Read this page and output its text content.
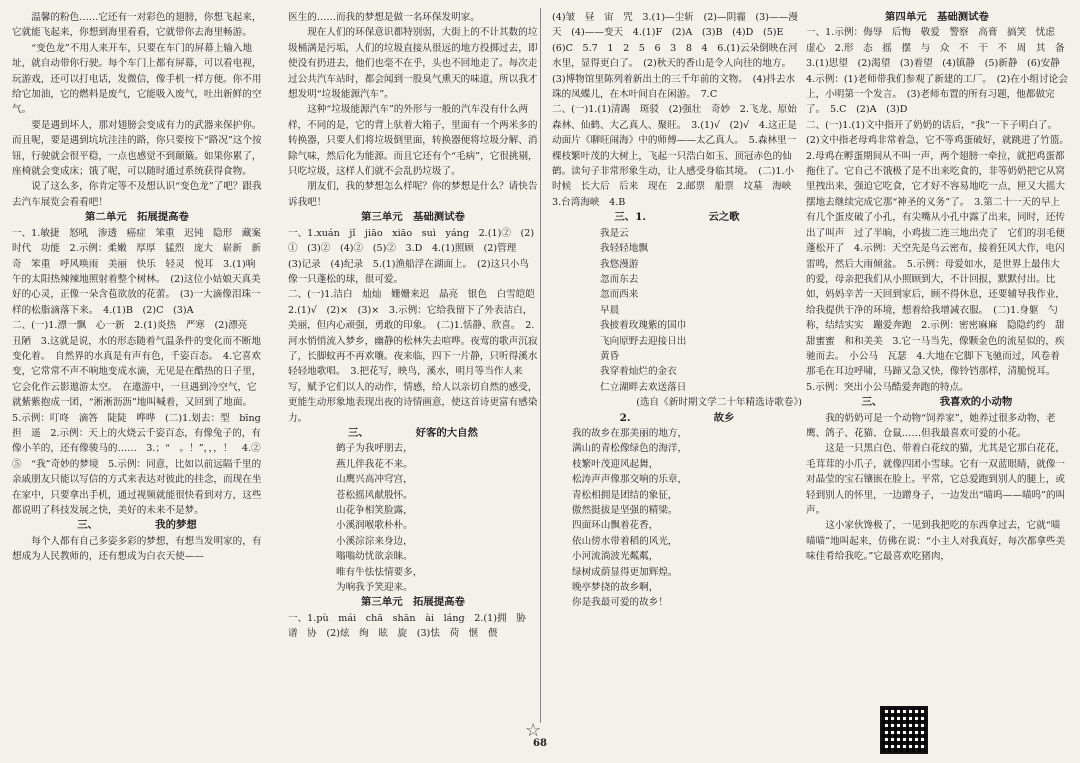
温馨的粉色……它还有一对彩色的翅膀，你想飞起来，它就能飞起来，你想到海里看看，它就带你去海里畅游。

“变色龙”不用人来开车，只要在车门的屏幕上输入地址，就自动带你行驶。每个车门上都有屏幕，可以看电视，玩游戏，还可以打电话，发微信，像手机一样方便。你不用给它加油，它的燃料是废气，它能吸入废气，吐出新鲜的空气。

要是遇到坏人，那对翅膀会变成有力的武器来保护你。而且呢，要是遇到坑坑洼洼的路，你只要按下“路况”这个按钮，行驶就会很平稳，一点也感觉不到颠簸。如果你累了，座椅就会变成床；饿了呢，可以随时通过系统获得食物。

说了这么多，你肯定等不及想认识“变色龙”了吧？跟我去汽车展览会看看吧！

第二单元　拓展提高卷

一、1.敏捷　怒吼　渗透　癌症　笨重　迟钝　隐形　藏案　时代　功能　2.示例：柔嫩　厚厚　猛烈　庞大　崭新　新奇　笨重　呼风唤雨　美丽　快乐　轻灵　悦耳　3.(1)响午的太阳热辣辣地照射着整个树林。　(2)这位小姑娘天真美好的心灵，正像一朵含苞欲放的花蕾。　(3)一大滴像泪珠一样的松脂滴落下来。　4.(1)B　(2)C　(3)A

二、(一)1.漂一飘　心一新　2.(1)炎热　严寒　(2)漂亮　丑陋　3.这就是说，水的形态随着气温条件的变化而不断地变化着。　自然界的水真是有声有色，千姿百态。　4.它喜欢变，它常常不声不响地变成水滴，无见是在酷热的日子里，它会化作云影遨游太空。　在遨游中，一旦遇到冷空气，它就紫紫抱成一团，“淅淅沥沥”地叫喊着，又回到了地面。　5.示例：叮咚　滴答　陡陡　哗哗　(二)1.划去：型　bīng　担　遥　2.示例：天上的火烧云千姿百态，有像兔子的，有像小羊的，还有像骏马的……　3.；“　。！”，，，！　4.②　⑤　“我”奇妙的梦境　5.示例：同意，比如以前远隔千里的亲戚朋友只能以写信的方式来表达对彼此的挂念，而现在坐在家中，只要拿出手机，通过视频就能很快看到对方，这些都说明了科技发展之快，美好的未来不是梦。

三、　　　　　　我的梦想

每个人都有自己多姿多彩的梦想，有想当发明家的，有想成为人民教师的，还有想成为白衣天使——

医生的……而我的梦想是做一名环保发明家。

现在人们的环保意识都特别弱，大街上的不计其数的垃圾桶满是污垢，人们的垃圾直接从很远的地方投掷过去，即使没有扔进去，他们也毫不在乎，头也不回地走了。每次走过公共汽车站时，都会闻到一股臭气熏天的味道，所以我才想发明“垃圾能源汽车”。

这种“垃圾能源汽车”的外形与一般的汽车没有什么两样，不同的是，它的背上驮着大箱子，里面有一个两米多的转换器，只要人们将垃圾倒里面，转换器便将垃圾分解、消除气味，然后化为能源。而且它还有个“毛病”，它很挑剔，只吃垃圾，这样人们就不会乱扔垃圾了。

朋友们，我的梦想怎么样呢？你的梦想是什么？请快告诉我吧！

第三单元　基础测试卷

一、1.xuán　jǐ　jiāo　xiāo　suì　yáng　2.(1)②　(2)①　(3)②　(4)②　(5)②　3.D　4.(1)照顾　(2)管理　(3)记录　(4)纪录　5.(1)渔船浮在湖面上。　(2)这只小鸟像一只蓬松的球，很可爱。

二、(一)1.洁白　灿灿　姗姗来迟　晶亮　银色　白雪皑皑　2.(1)√　(2)×　(3)×　3.示例：它给我留下了外表洁白，美丽，但内心顽强，勇敢的印象。　(二)1.恬静、欣喜。　2.河水悄悄流入梦乡，幽静的松林失去喧哗。夜莺的歌声沉寂了，长脚蚊再不再欢嚷。夜来临，四下一片静，只听得溪水轻轻地歌唱。　3.把花写，映鸟，溪水，明月等当作人来写，赋予它们以人的动作，情感，给人以亲切自然的感受，更能生动形象地表现出夜的诗情画意，使这首诗更富有感染力。

三、　　　　　好客的大自然

鹤子为我呼朋去，

燕儿伴我花不来。

山鹰兴高冲穹宫，

苍松摇风献殷怀。

山花争相笑脸露，

小溪润喉歌朴朴。

小溪淙淙来身边，

嗡嗡幼忧欲亲睐。

唯有牛怯怯情要多，

为响我予笑迎来。

第三单元　拓展提高卷

一、1.pù　mái　chā　shān　ài　láng　2.(1)拥　胁　谱　协　(2)炫　绚　眩　旋　(3)怯　荷　惬　偎

(4)皱　昼　宙　咒　3.(1)—尘斩　(2)—阴霾　(3)——漫天　(4)——变天　4.(1)F　(2)A　(3)B　(4)D　(5)E　(6)C　5.7　1　2　5　6　3　8　4　6.(1)云朵倒映在河水里，显得更白了。　(2)秋天的香山是令人向往的地方。　(3)博物馆里陈列着新出土的三千年前的文物。　(4)抖去水珠的凤蝶儿，在木叶间自在闲游。　7.C

二、(一)1.(1)清踢　斑驳　(2)强壮　奇妙　2.飞龙、原始森林、仙鹤、大乙真人、聚旺。　3.(1)√　(2)√　4.这正是动面片《聊旺闹海》中的师傅——太乙真人。　5.森林里一棵枝繁叶茂的大树上，飞起一只浩白如玉、顶冠赤色的仙鹤。读句子非常形象生动，让人感受身临其境。　(二)1.小时候　长大后　后来　现在　2.邮票　船票　坟墓　海峡　3.台湾海峡　4.B

三、1.　　　　　　云之歌

我是云

我轻轻地飘

我悠漫游

忽而东去

忽而西来

早晨

我披着玫瑰紫的国巾

飞向原野去迎接日出

黄昏

我穿着灿烂的金衣

仁立湖畔去欢送落日

(选自《新时期文学二十年精选诗歌卷》)

2.　　　　　　　　故乡

我的故乡在那美丽的地方，

满山的青松像绿色的海洋，

枝繁叶茂迎风起舞，

松涛声声像那交响的乐章，

青松相拥是团结的象征，

傲然挺拔是坚强的精梁。

四面环山飘着花香，

依山傍水带着稻的风光，

小河流淌波光粼粼，

绿树成荫显得更加辉煌。

晚亭梦挠的故乡啊，

你是我最可爱的故乡！

第四单元　基础测试卷

一、1.示例：侮辱　后悔　敬爱　警察　高膏　搞笑　忧虑　虚心　2.形　态　摇　摆　与　众　不　干　不　周　其　备　3.(1)思望　(2)渴望　(3)着望　(4)镇静　(5)新静　(6)安静　4.示例：(1)老师带我们参观了新建的工厂。　(2)在小组讨论会上，小明第一个发言。　(3)老师布置的所有习题，他都做完了。　5.C　(2)A　(3)D

二、(一)1.(1)文中指开了奶奶的话后，“我”一下子明白了。　(2)文中指老母鸡非常着急，它不等鸡蛋破好，就跳进了竹篮。　2.母鸡在孵蛋期间从不叫一声，两个翅膀一牵拉，就把鸡蛋都拖住了。它自己不饿极了是不出来吃食的，非等奶奶把它从窝里拽出来，强迫它吃食，它才好不容易地吃一点，匣又大摇大摆地去继续完成它那“神圣的义务”了。　3.第二十一天的早上　有几个蛋皮破了小孔，有尖嘴从小孔中露了出来，同时，还传出了叫声　过了半晌，小鸡拔二连三地出壳了　它们的羽毛便蓬松开了　4.示例：天空先是乌云密布，接着狂风大作，电闪雷鸣，然后大雨倾盆。　5.示例：母爱如水，是世界上最伟大的爱，母亲把我们从小照顾到大，不计回报，默默付出。比如，妈妈辛苦一天回到家后，顾不得休息，还要辅导我作业，给我提供干净的环境，想着给我增减衣服。　(二)1.身躯　勺称，结结实实　蹦爱奔跑　2.示例：密密麻麻　隐隐约约　甜甜蜜蜜　和和美美　3.它一马当先，像颗金色的流星似的，疾驰而去。　小公马　瓦瑟　4.大地在它脚下飞驰而过，风卷着那毛在耳边呼啸，马蹄又急又快，像铃铛那样，清脆悦耳。　5.示例：突出小公马酷爱奔跑的特点。

三、　　　　　　我喜欢的小动物

我的奶奶可是一个动物“饲养家”，她养过很多动物，老鹰、鸽子、花猫、仓鼠……但我最喜欢可爱的小花。

这是一只黑白色、带着白花纹的猫，尤其是它那白花花，毛茸茸的小爪子，就像四团小雪球。它有一双蓝眼睛，就像一对晶莹的宝石镶嵌在脸上。平常，它总爱跑到别人的腿上，或轻到别人的怀里，一边蹭身子，一边发出“喵呜——喵呜”的叫声。

这小家伙馋极了，一见到我把吃的东西拿过去，它就“喵喵喵”地叫起来，仿佛在说：“小主人对我真好，每次都拿些美味佳肴给我吃。”它最喜欢吃猪肉，

☆
68
